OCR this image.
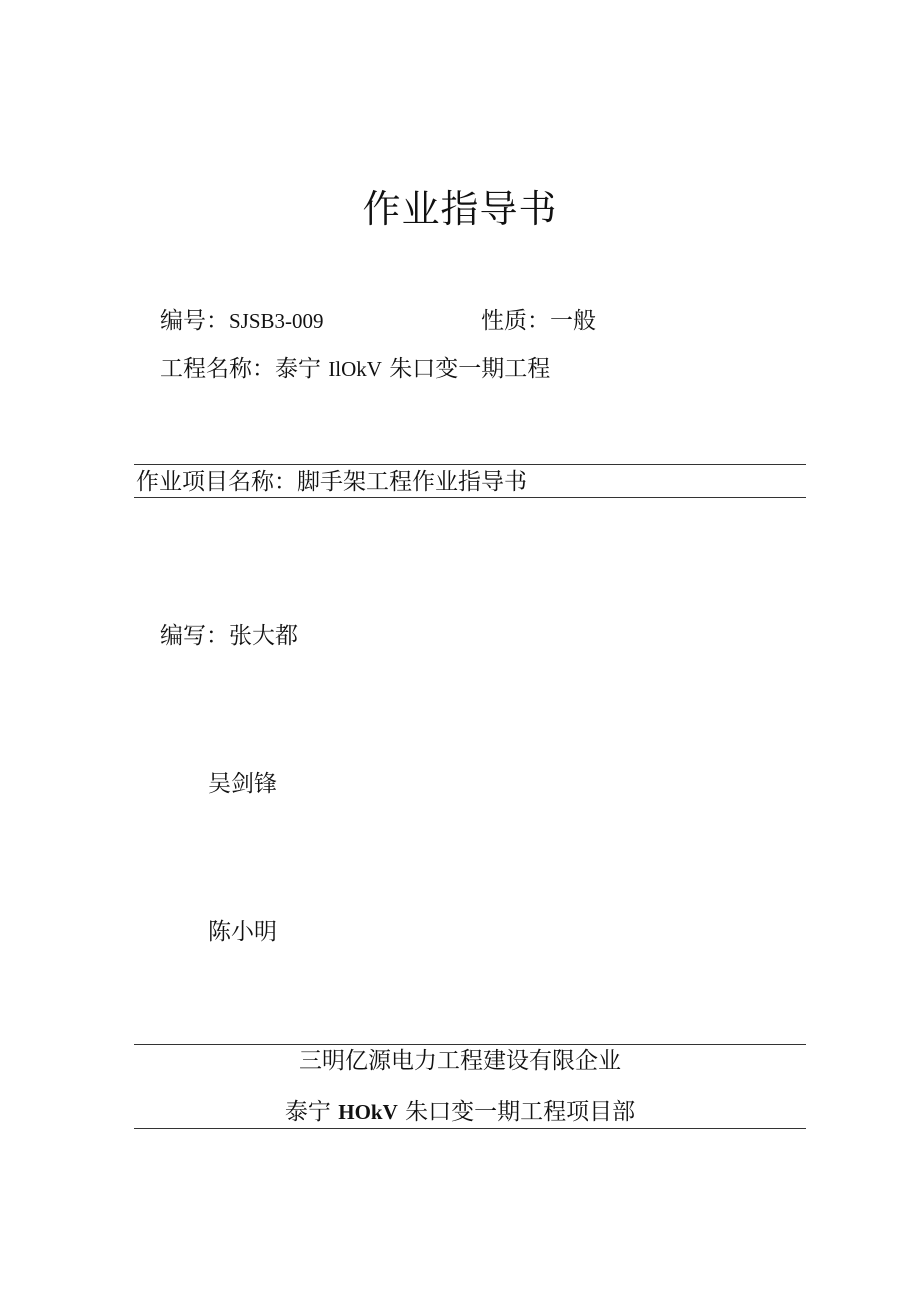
作业指导书
编号：SJSB3-009	性质：一般
工程名称：泰宁 IlOkV 朱口变一期工程
作业项目名称：脚手架工程作业指导书
编写：张大都
吴剑锋
陈小明
三明亿源电力工程建设有限企业
泰宁 HOkV 朱口变一期工程项目部
